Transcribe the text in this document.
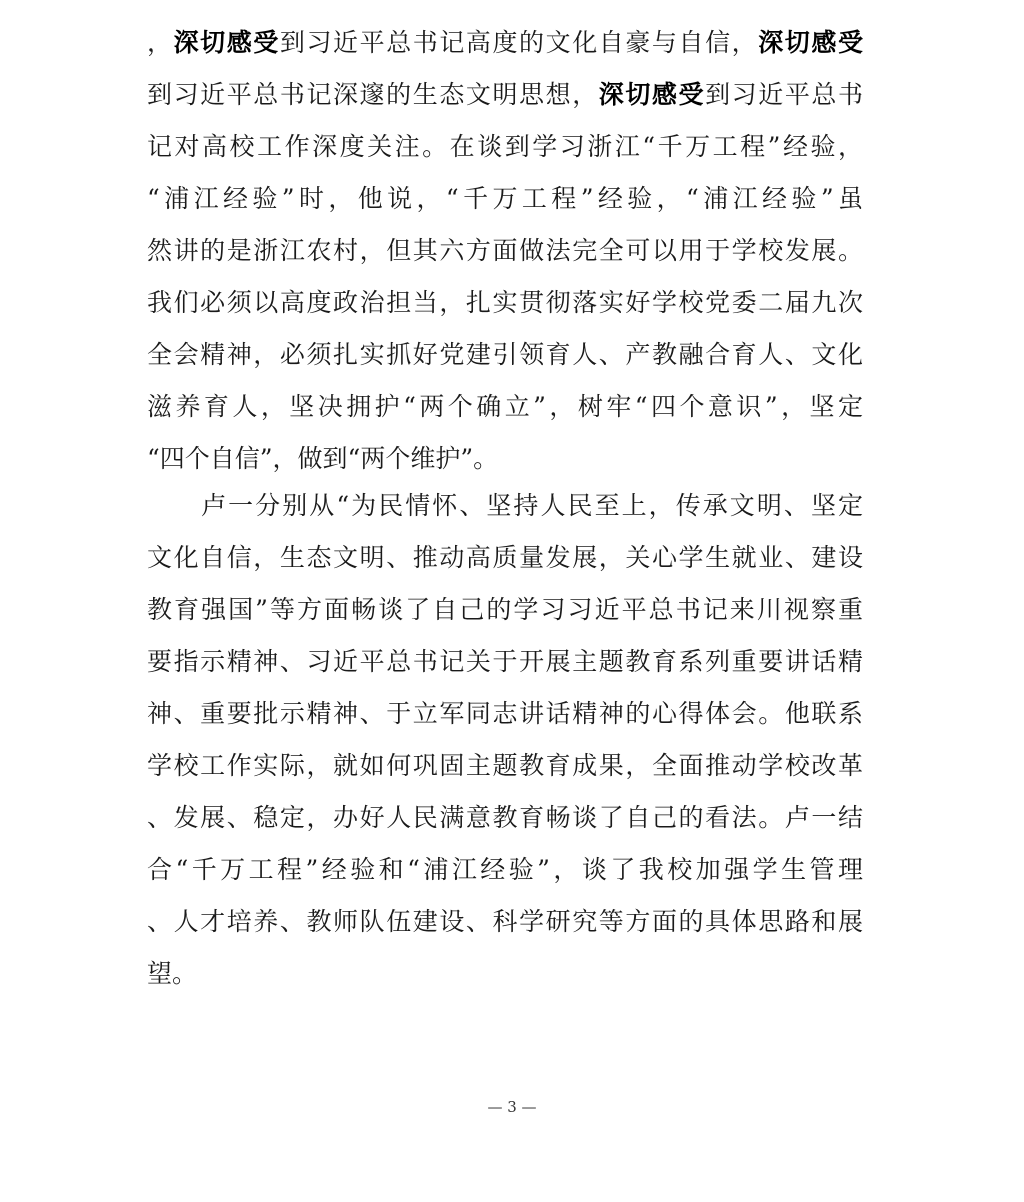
，深切感受到习近平总书记高度的文化自豪与自信，深切感受
到习近平总书记深邃的生态文明思想，深切感受到习近平总书
记对高校工作深度关注。在谈到学习浙江“千万工程”经验，
“浦江经验”时，他说，“千万工程”经验，“浦江经验”虽
然讲的是浙江农村，但其六方面做法完全可以用于学校发展。
我们必须以高度政治担当，扎实贯彻落实好学校党委二届九次
全会精神，必须扎实抓好党建引领育人、产教融合育人、文化
滋养育人，坚决拥护“两个确立”，树牢“四个意识”，坚定
“四个自信”，做到“两个维护”。
　　卢一分别从“为民情怀、坚持人民至上，传承文明、坚定
文化自信，生态文明、推动高质量发展，关心学生就业、建设
教育强国”等方面畅谈了自己的学习习近平总书记来川视察重
要指示精神、习近平总书记关于开展主题教育系列重要讲话精
神、重要批示精神、于立军同志讲话精神的心得体会。他联系
学校工作实际，就如何巩固主题教育成果，全面推动学校改革
、发展、稳定，办好人民满意教育畅谈了自己的看法。卢一结
合“千万工程”经验和“浦江经验”，谈了我校加强学生管理
、人才培养、教师队伍建设、科学研究等方面的具体思路和展
望。
— 3 —
